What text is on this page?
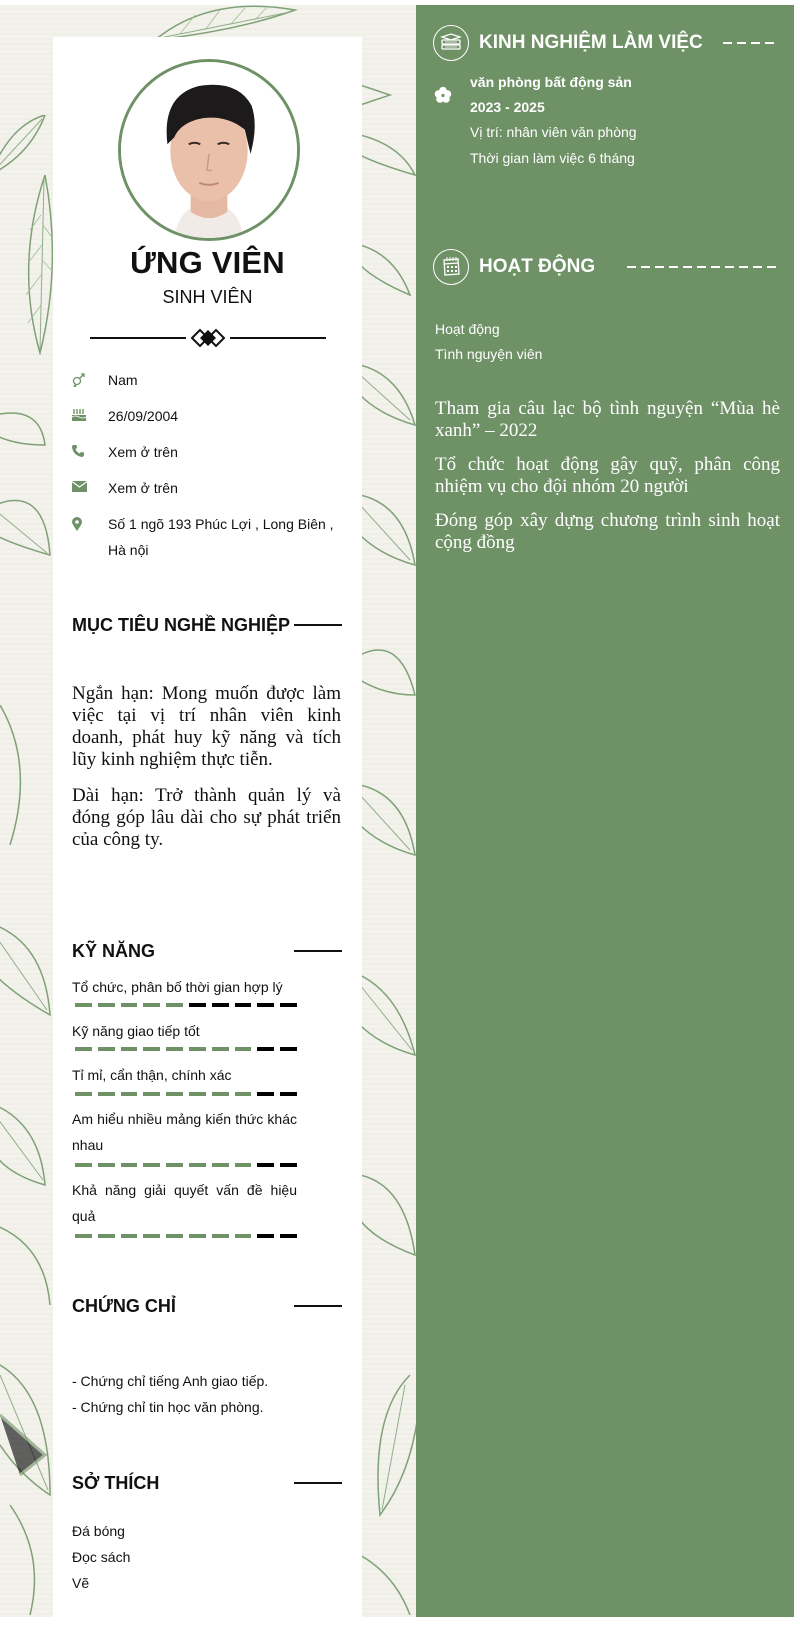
ỨNG VIÊN
SINH VIÊN
Nam
26/09/2004
Xem ở trên
Xem ở trên
Số 1 ngõ 193 Phúc Lợi , Long Biên , Hà nội
MỤC TIÊU NGHỀ NGHIỆP
Ngắn hạn: Mong muốn được làm việc tại vị trí nhân viên kinh doanh, phát huy kỹ năng và tích lũy kinh nghiệm thực tiễn.
Dài hạn: Trở thành quản lý và đóng góp lâu dài cho sự phát triển của công ty.
KỸ NĂNG
Tổ chức, phân bố thời gian hợp lý
Kỹ năng giao tiếp tốt
Tỉ mỉ, cẩn thận, chính xác
Am hiểu nhiều mảng kiến thức khác nhau
Khả năng giải quyết vấn đề hiệu quả
CHỨNG CHỈ
- Chứng chỉ tiếng Anh giao tiếp.
- Chứng chỉ tin học văn phòng.
SỞ THÍCH
Đá bóng
Đọc sách
Vẽ
KINH NGHIỆM LÀM VIỆC
văn phòng bất động sản
2023 - 2025
Vị trí: nhân viên văn phòng
Thời gian làm việc 6 tháng
HOẠT ĐỘNG
Hoạt động
Tình nguyện viên
Tham gia câu lạc bộ tình nguyện “Mùa hè xanh” – 2022
Tổ chức hoạt động gây quỹ, phân công nhiệm vụ cho đội nhóm 20 người
Đóng góp xây dựng chương trình sinh hoạt cộng đồng
